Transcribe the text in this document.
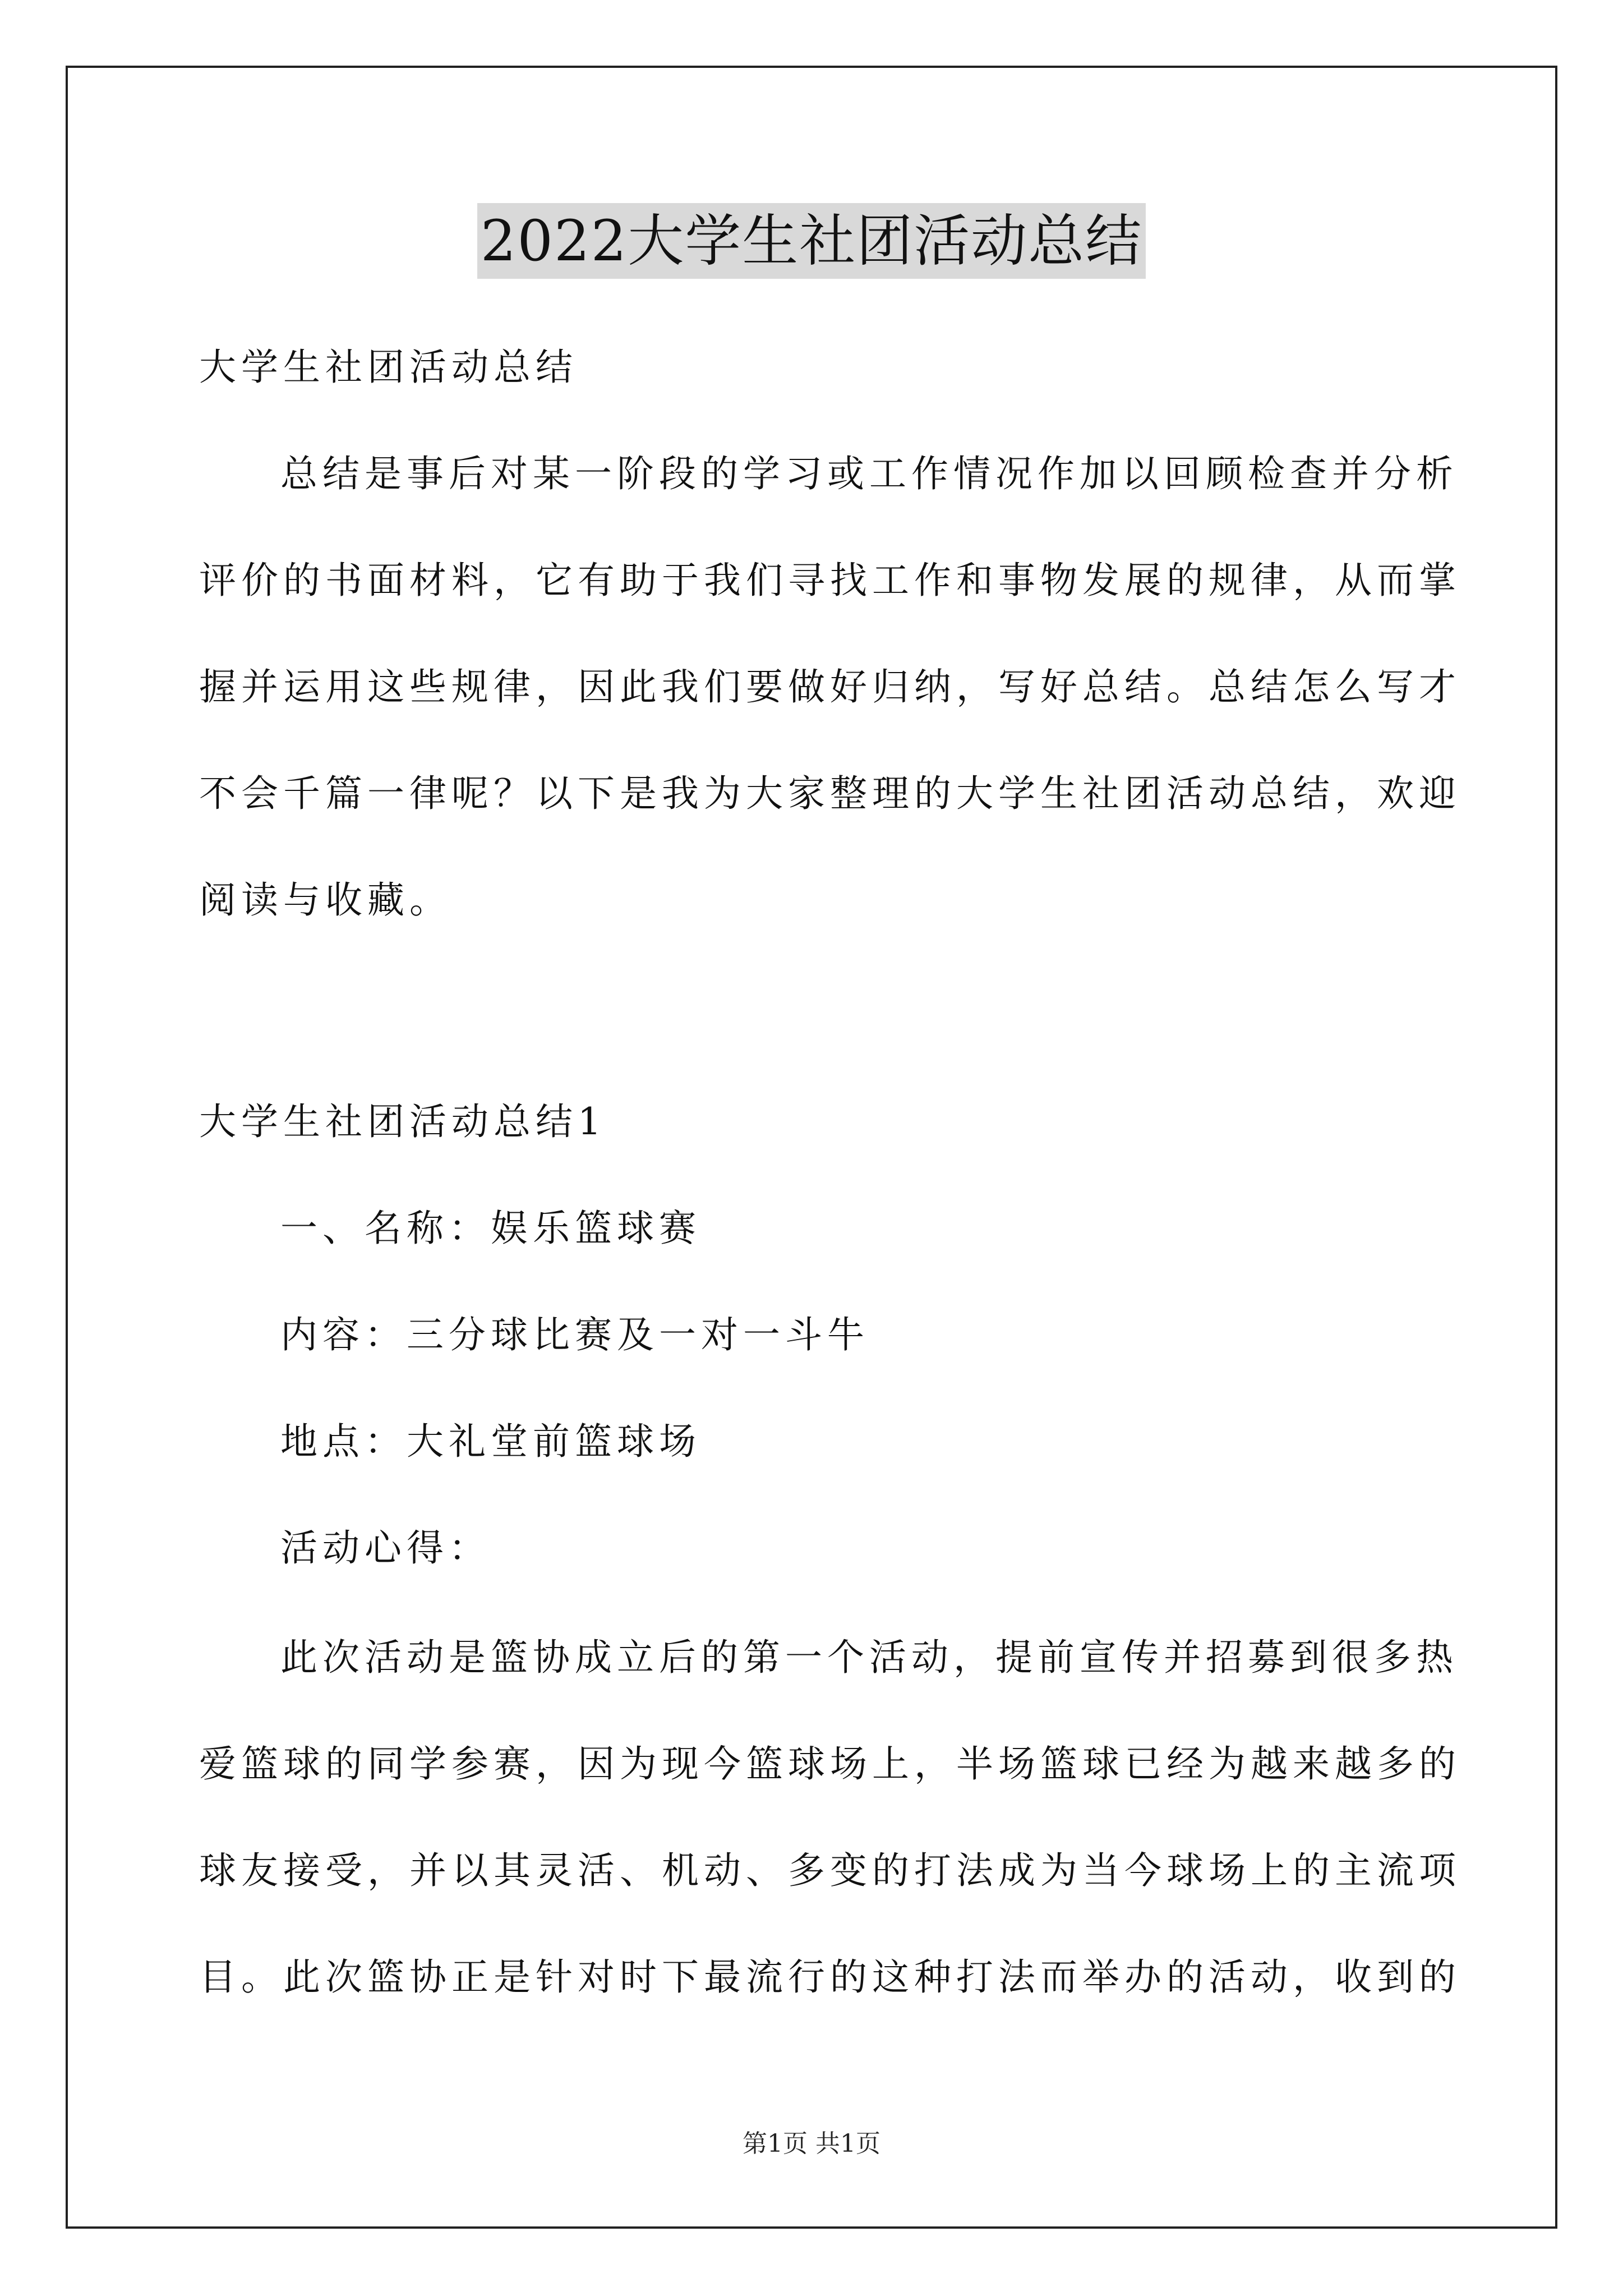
2022大学生社团活动总结
大学生社团活动总结
总结是事后对某一阶段的学习或工作情况作加以回顾检查并分析
评价的书面材料，它有助于我们寻找工作和事物发展的规律，从而掌
握并运用这些规律，因此我们要做好归纳，写好总结。总结怎么写才
不会千篇一律呢？以下是我为大家整理的大学生社团活动总结，欢迎
阅读与收藏。
大学生社团活动总结1
一、名称：娱乐篮球赛
内容：三分球比赛及一对一斗牛
地点：大礼堂前篮球场
活动心得：
此次活动是篮协成立后的第一个活动，提前宣传并招募到很多热
爱篮球的同学参赛，因为现今篮球场上，半场篮球已经为越来越多的
球友接受，并以其灵活、机动、多变的打法成为当今球场上的主流项
目。此次篮协正是针对时下最流行的这种打法而举办的活动，收到的
第1页 共1页
